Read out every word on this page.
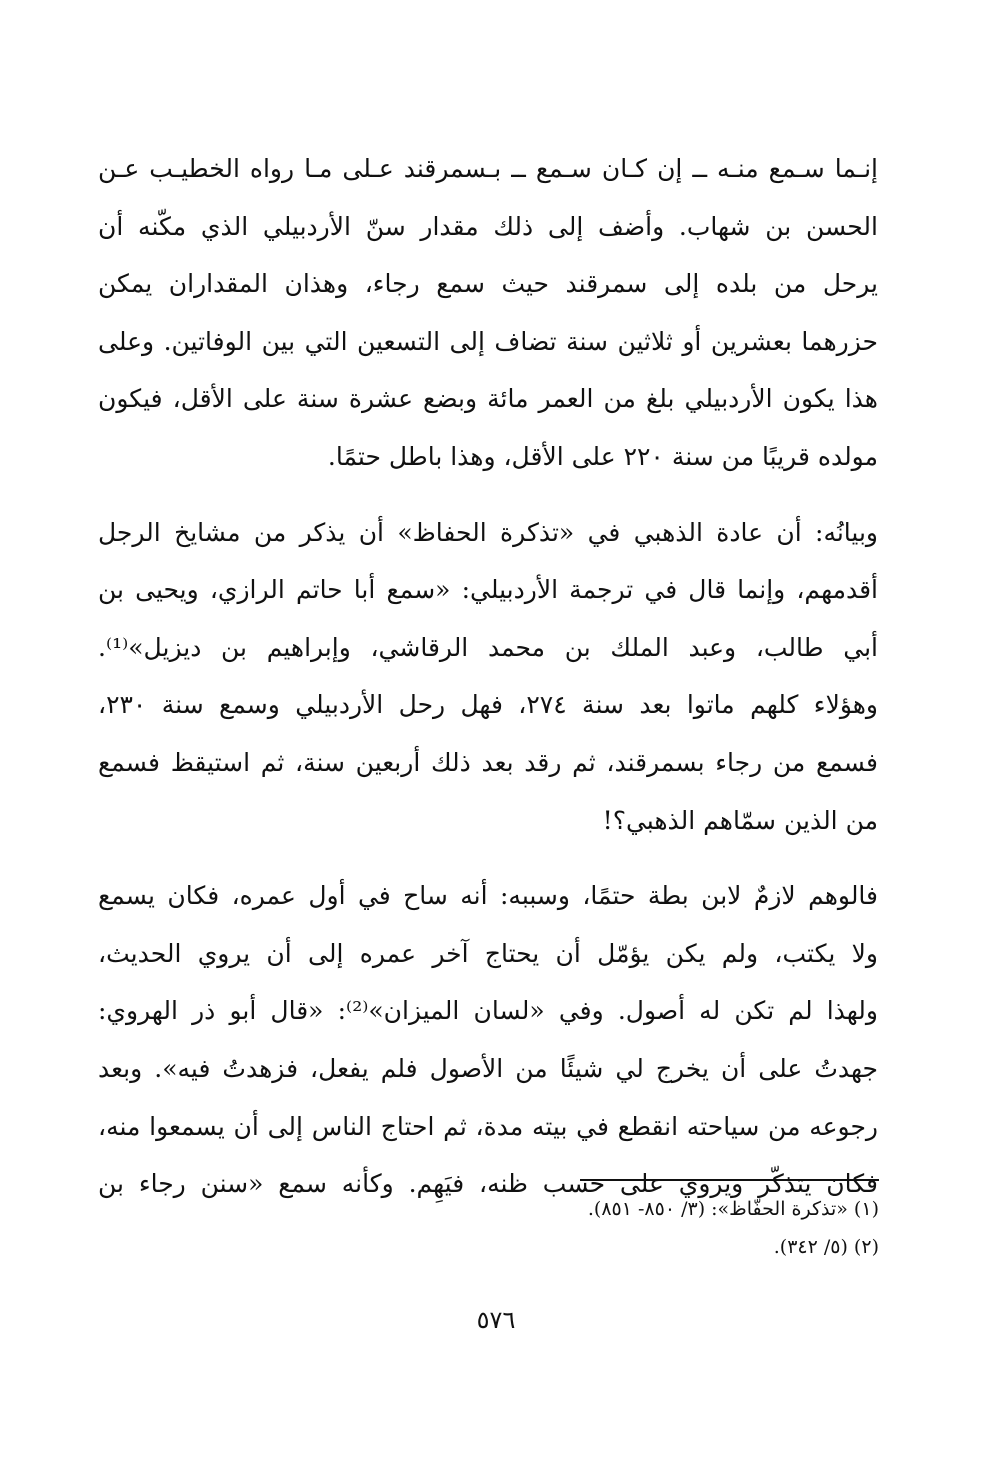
إنـما سـمع منـه ــ إن كـان سـمع ــ بـسمرقند عـلى مـا رواه الخطيـب عـن
الحسن بن شهاب. وأضف إلى ذلك مقدار سنّ الأردبيلي الذي مكّنه أن
يرحل من بلده إلى سمرقند حيث سمع رجاء، وهذان المقداران يمكن
حزرهما بعشرين أو ثلاثين سنة تضاف إلى التسعين التي بين الوفاتين. وعلى
هذا يكون الأردبيلي بلغ من العمر مائة وبضع عشرة سنة على الأقل، فيكون
مولده قريبًا من سنة ٢٢٠ على الأقل، وهذا باطل حتمًا.
وبيانُه: أن عادة الذهبي في «تذكرة الحفاظ» أن يذكر من مشايخ الرجل
أقدمهم، وإنما قال في ترجمة الأردبيلي: «سمع أبا حاتم الرازي، ويحيى بن
أبي طالب، وعبد الملك بن محمد الرقاشي، وإبراهيم بن ديزيل»⁽¹⁾.
وهؤلاء كلهم ماتوا بعد سنة ٢٧٤، فهل رحل الأردبيلي وسمع سنة ٢٣٠،
فسمع من رجاء بسمرقند، ثم رقد بعد ذلك أربعين سنة، ثم استيقظ فسمع
من الذين سمّاهم الذهبي؟!
فالوهم لازمٌ لابن بطة حتمًا، وسببه: أنه ساح في أول عمره، فكان يسمع
ولا يكتب، ولم يكن يؤمّل أن يحتاج آخر عمره إلى أن يروي الحديث،
ولهذا لم تكن له أصول. وفي «لسان الميزان»⁽²⁾: «قال أبو ذر الهروي:
جهدتُ على أن يخرج لي شيئًا من الأصول فلم يفعل، فزهدتُ فيه». وبعد
رجوعه من سياحته انقطع في بيته مدة، ثم احتاج الناس إلى أن يسمعوا منه،
فكان يتذكّر ويروي على حسب ظنه، فيَهِم. وكأنه سمع «سنن رجاء بن
(١) «تذكرة الحفّاظ»: (٣/ ٨٥٠- ٨٥١).
(٢) (٥/ ٣٤٢).
٥٧٦
